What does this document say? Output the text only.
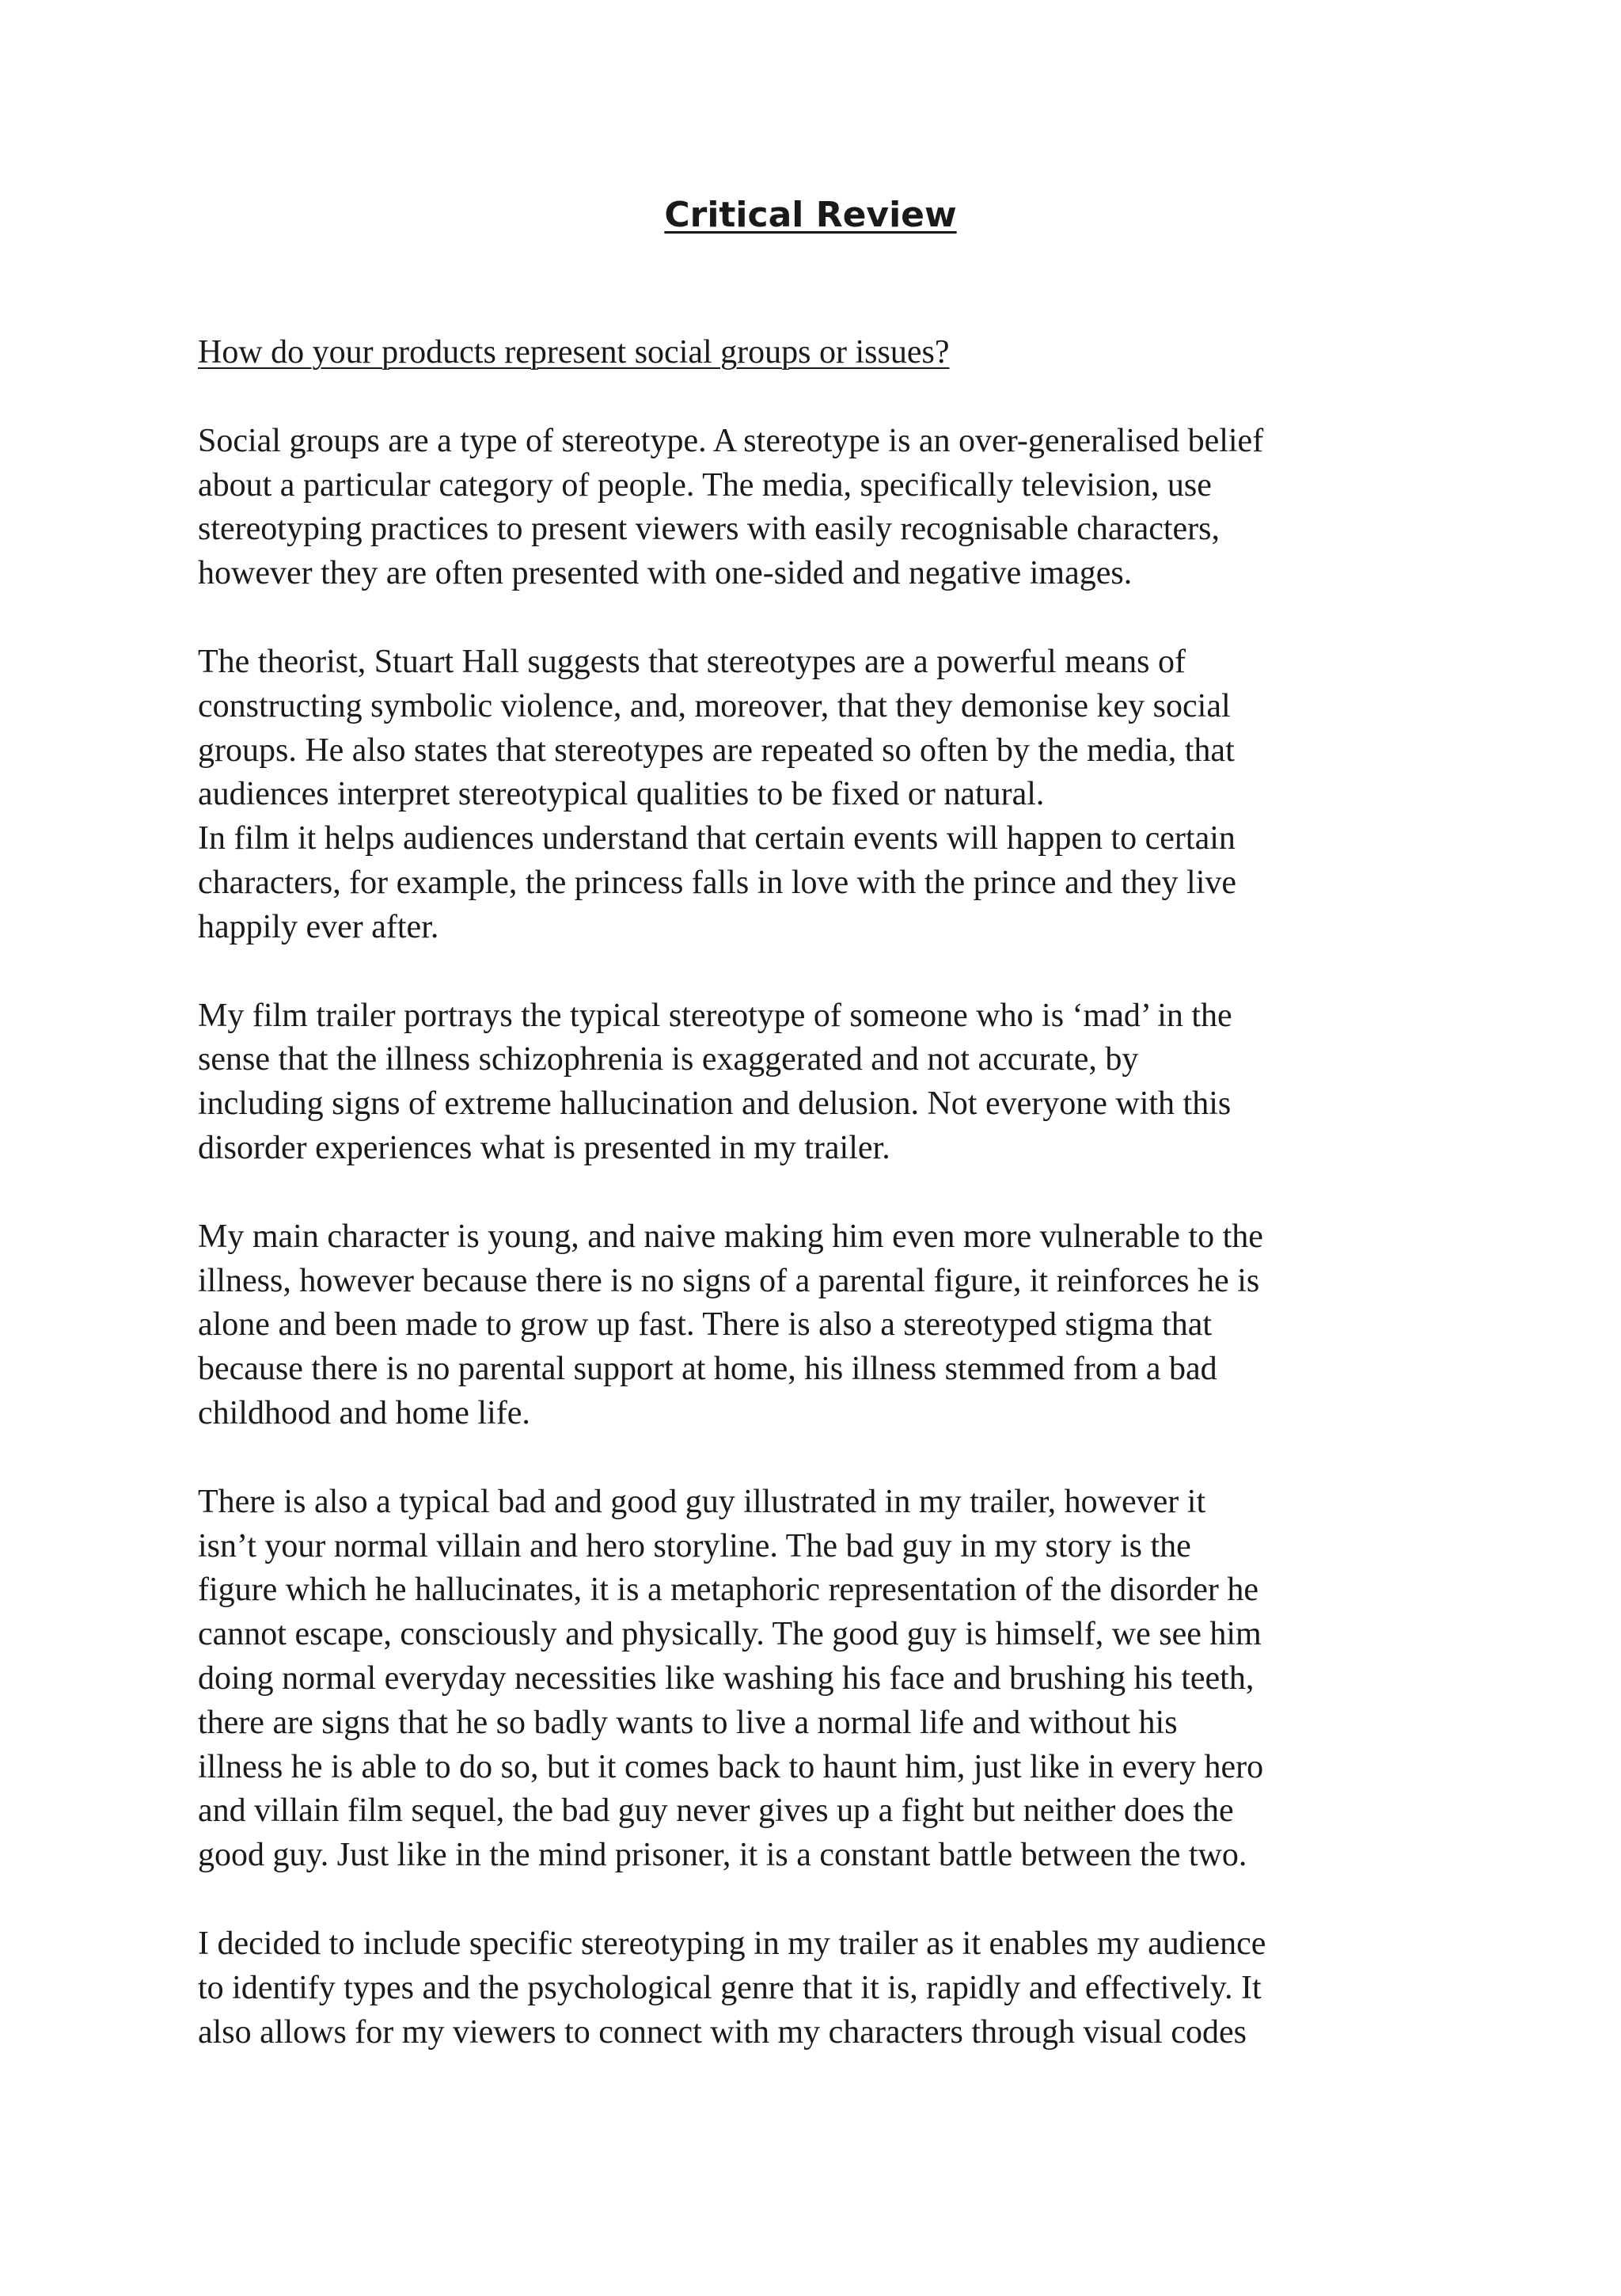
Critical Review

How do your products represent social groups or issues?

Social groups are a type of stereotype. A stereotype is an over-generalised belief
about a particular category of people. The media, specifically television, use
stereotyping practices to present viewers with easily recognisable characters,
however they are often presented with one-sided and negative images.

The theorist, Stuart Hall suggests that stereotypes are a powerful means of
constructing symbolic violence, and, moreover, that they demonise key social
groups. He also states that stereotypes are repeated so often by the media, that
audiences interpret stereotypical qualities to be fixed or natural.

In film it helps audiences understand that certain events will happen to certain
characters, for example, the princess falls in love with the prince and they live
happily ever after.

My film trailer portrays the typical stereotype of someone who is ‘mad’ in the
sense that the illness schizophrenia is exaggerated and not accurate, by
including signs of extreme hallucination and delusion. Not everyone with this
disorder experiences what is presented in my trailer.

My main character is young, and naive making him even more vulnerable to the
illness, however because there is no signs of a parental figure, it reinforces he is
alone and been made to grow up fast. There is also a stereotyped stigma that
because there is no parental support at home, his illness stemmed from a bad
childhood and home life.

There is also a typical bad and good guy illustrated in my trailer, however it
isn’t your normal villain and hero storyline. The bad guy in my story is the
figure which he hallucinates, it is a metaphoric representation of the disorder he
cannot escape, consciously and physically. The good guy is himself, we see him
doing normal everyday necessities like washing his face and brushing his teeth,
there are signs that he so badly wants to live a normal life and without his
illness he is able to do so, but it comes back to haunt him, just like in every hero
and villain film sequel, the bad guy never gives up a fight but neither does the
good guy. Just like in the mind prisoner, it is a constant battle between the two.

I decided to include specific stereotyping in my trailer as it enables my audience
to identify types and the psychological genre that it is, rapidly and effectively. It
also allows for my viewers to connect with my characters through visual codes
